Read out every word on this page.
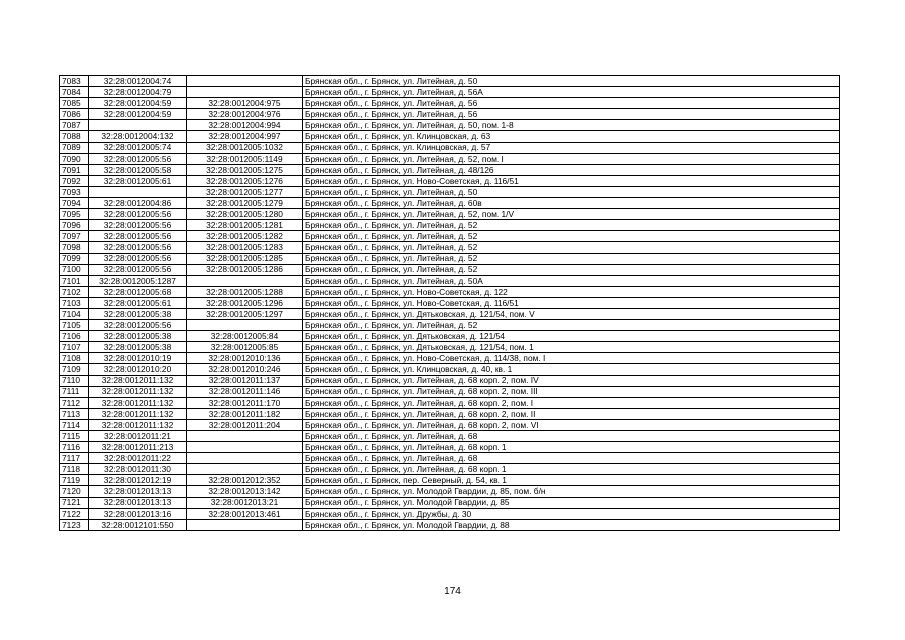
7083	32:28:0012004:74		Брянская обл., г. Брянск, ул. Литейная, д. 50
7084	32:28:0012004:79		Брянская обл., г. Брянск, ул. Литейная, д. 56А
7085	32:28:0012004:59	32:28:0012004:975	Брянская обл., г. Брянск, ул. Литейная, д. 56
7086	32:28:0012004:59	32:28:0012004:976	Брянская обл., г. Брянск, ул. Литейная, д. 56
7087		32:28:0012004:994	Брянская обл., г. Брянск, ул. Литейная, д. 50, пом. 1-8
7088	32:28:0012004:132	32:28:0012004:997	Брянская обл., г. Брянск, ул. Клинцовская, д. 63
7089	32:28:0012005:74	32:28:0012005:1032	Брянская обл., г. Брянск, ул. Клинцовская, д. 57
7090	32:28:0012005:56	32:28:0012005:1149	Брянская обл., г. Брянск, ул. Литейная, д. 52, пом. I
7091	32:28:0012005:58	32:28:0012005:1275	Брянская обл., г. Брянск, ул. Литейная, д. 48/126
7092	32:28:0012005:61	32:28:0012005:1276	Брянская обл., г. Брянск, ул. Ново-Советская, д. 116/51
7093		32:28:0012005:1277	Брянская обл., г. Брянск, ул. Литейная, д. 50
7094	32:28:0012004:86	32:28:0012005:1279	Брянская обл., г. Брянск, ул. Литейная, д. 60в
7095	32:28:0012005:56	32:28:0012005:1280	Брянская обл., г. Брянск, ул. Литейная, д. 52, пом. 1/V
7096	32:28:0012005:56	32:28:0012005:1281	Брянская обл., г. Брянск, ул. Литейная, д. 52
7097	32:28:0012005:56	32:28:0012005:1282	Брянская обл., г. Брянск, ул. Литейная, д. 52
7098	32:28:0012005:56	32:28:0012005:1283	Брянская обл., г. Брянск, ул. Литейная, д. 52
7099	32:28:0012005:56	32:28:0012005:1285	Брянская обл., г. Брянск, ул. Литейная, д. 52
7100	32:28:0012005:56	32:28:0012005:1286	Брянская обл., г. Брянск, ул. Литейная, д. 52
7101	32:28:0012005:1287		Брянская обл., г. Брянск, ул. Литейная, д. 50А
7102	32:28:0012005:68	32:28:0012005:1288	Брянская обл., г. Брянск, ул. Ново-Советская, д. 122
7103	32:28:0012005:61	32:28:0012005:1296	Брянская обл., г. Брянск, ул. Ново-Советская, д. 116/51
7104	32:28:0012005:38	32:28:0012005:1297	Брянская обл., г. Брянск, ул. Дятьковская, д. 121/54, пом. V
7105	32:28:0012005:56		Брянская обл., г. Брянск, ул. Литейная, д. 52
7106	32:28:0012005:38	32:28:0012005:84	Брянская обл., г. Брянск, ул. Дятьковская, д. 121/54
7107	32:28:0012005:38	32:28:0012005:85	Брянская обл., г. Брянск, ул. Дятьковская, д. 121/54, пом. 1
7108	32:28:0012010:19	32:28:0012010:136	Брянская обл., г. Брянск, ул. Ново-Советская, д. 114/38, пом. I
7109	32:28:0012010:20	32:28:0012010:246	Брянская обл., г. Брянск, ул. Клинцовская, д. 40, кв. 1
7110	32:28:0012011:132	32:28:0012011:137	Брянская обл., г. Брянск, ул. Литейная, д. 68 корп. 2, пом. IV
7111	32:28:0012011:132	32:28:0012011:146	Брянская обл., г. Брянск, ул. Литейная, д. 68 корп. 2, пом. III
7112	32:28:0012011:132	32:28:0012011:170	Брянская обл., г. Брянск, ул. Литейная, д. 68 корп. 2, пом. I
7113	32:28:0012011:132	32:28:0012011:182	Брянская обл., г. Брянск, ул. Литейная, д. 68 корп. 2, пом. II
7114	32:28:0012011:132	32:28:0012011:204	Брянская обл., г. Брянск, ул. Литейная, д. 68 корп. 2, пом. VI
7115	32:28:0012011:21		Брянская обл., г. Брянск, ул. Литейная, д. 68
7116	32:28:0012011:213		Брянская обл., г. Брянск, ул. Литейная, д. 68 корп. 1
7117	32:28:0012011:22		Брянская обл., г. Брянск, ул. Литейная, д. 68
7118	32:28:0012011:30		Брянская обл., г. Брянск, ул. Литейная, д. 68 корп. 1
7119	32:28:0012012:19	32:28:0012012:352	Брянская обл., г. Брянск, пер. Северный, д. 54, кв. 1
7120	32:28:0012013:13	32:28:0012013:142	Брянская обл., г. Брянск, ул. Молодой Гвардии, д. 85, пом. б/н
7121	32:28:0012013:13	32:28:0012013:21	Брянская обл., г. Брянск, ул. Молодой Гвардии, д. 85
7122	32:28:0012013:16	32:28:0012013:461	Брянская обл., г. Брянск, ул. Дружбы, д. 30
7123	32:28:0012101:550		Брянская обл., г. Брянск, ул. Молодой Гвардии, д. 88
174
